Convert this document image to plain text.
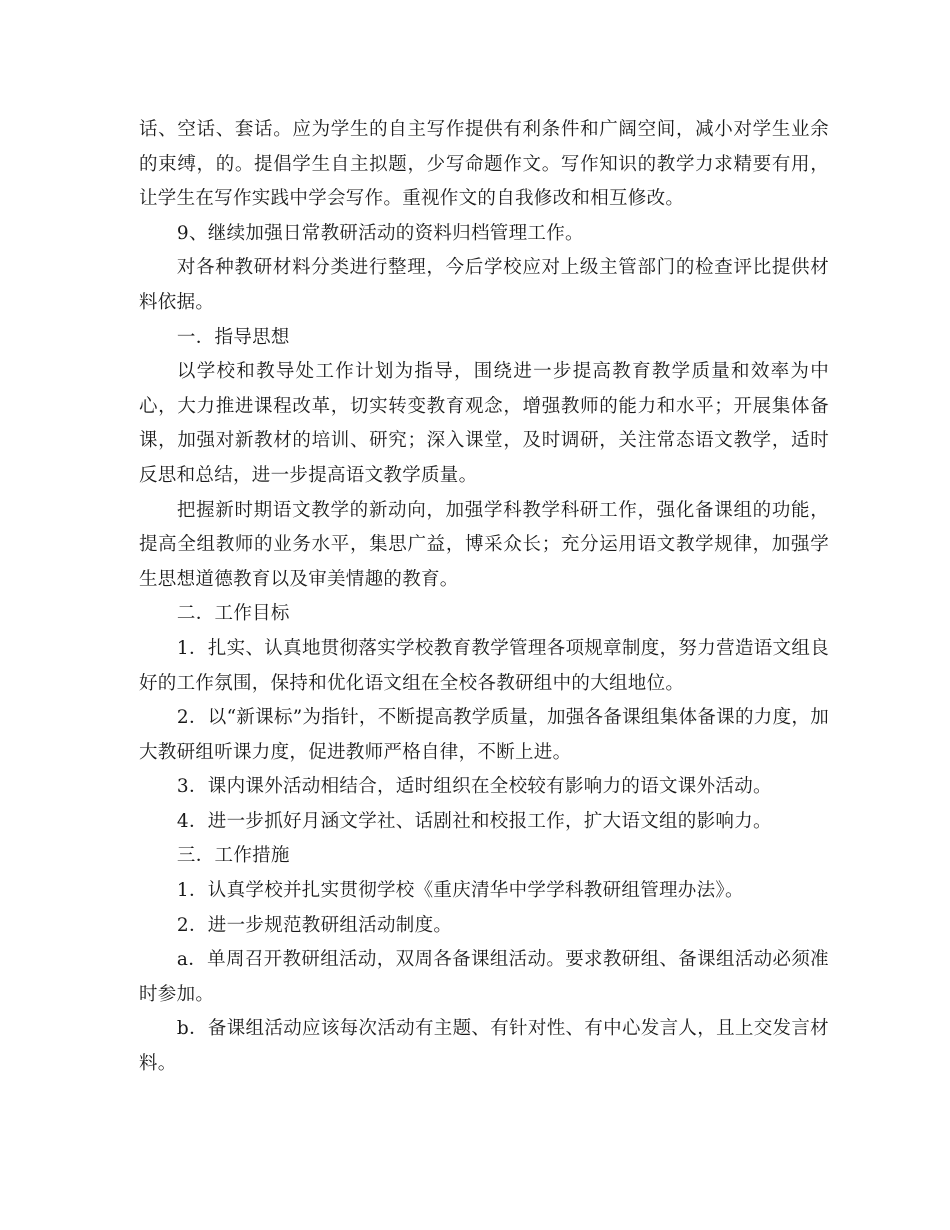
话、空话、套话。应为学生的自主写作提供有利条件和广阔空间，减小对学生业余的束缚，的。提倡学生自主拟题，少写命题作文。写作知识的教学力求精要有用，让学生在写作实践中学会写作。重视作文的自我修改和相互修改。

9、继续加强日常教研活动的资料归档管理工作。

对各种教研材料分类进行整理，今后学校应对上级主管部门的检查评比提供材料依据。

一．指导思想

以学校和教导处工作计划为指导，围绕进一步提高教育教学质量和效率为中心，大力推进课程改革，切实转变教育观念，增强教师的能力和水平；开展集体备课，加强对新教材的培训、研究；深入课堂，及时调研，关注常态语文教学，适时反思和总结，进一步提高语文教学质量。

把握新时期语文教学的新动向，加强学科教学科研工作，强化备课组的功能，提高全组教师的业务水平，集思广益，博采众长；充分运用语文教学规律，加强学生思想道德教育以及审美情趣的教育。

二．工作目标

1．扎实、认真地贯彻落实学校教育教学管理各项规章制度，努力营造语文组良好的工作氛围，保持和优化语文组在全校各教研组中的大组地位。

2．以“新课标”为指针，不断提高教学质量，加强各备课组集体备课的力度，加大教研组听课力度，促进教师严格自律，不断上进。

3．课内课外活动相结合，适时组织在全校较有影响力的语文课外活动。

4．进一步抓好月涵文学社、话剧社和校报工作，扩大语文组的影响力。

三．工作措施

1．认真学校并扎实贯彻学校《重庆清华中学学科教研组管理办法》。

2．进一步规范教研组活动制度。

a．单周召开教研组活动，双周各备课组活动。要求教研组、备课组活动必须准时参加。

b．备课组活动应该每次活动有主题、有针对性、有中心发言人，且上交发言材料。
